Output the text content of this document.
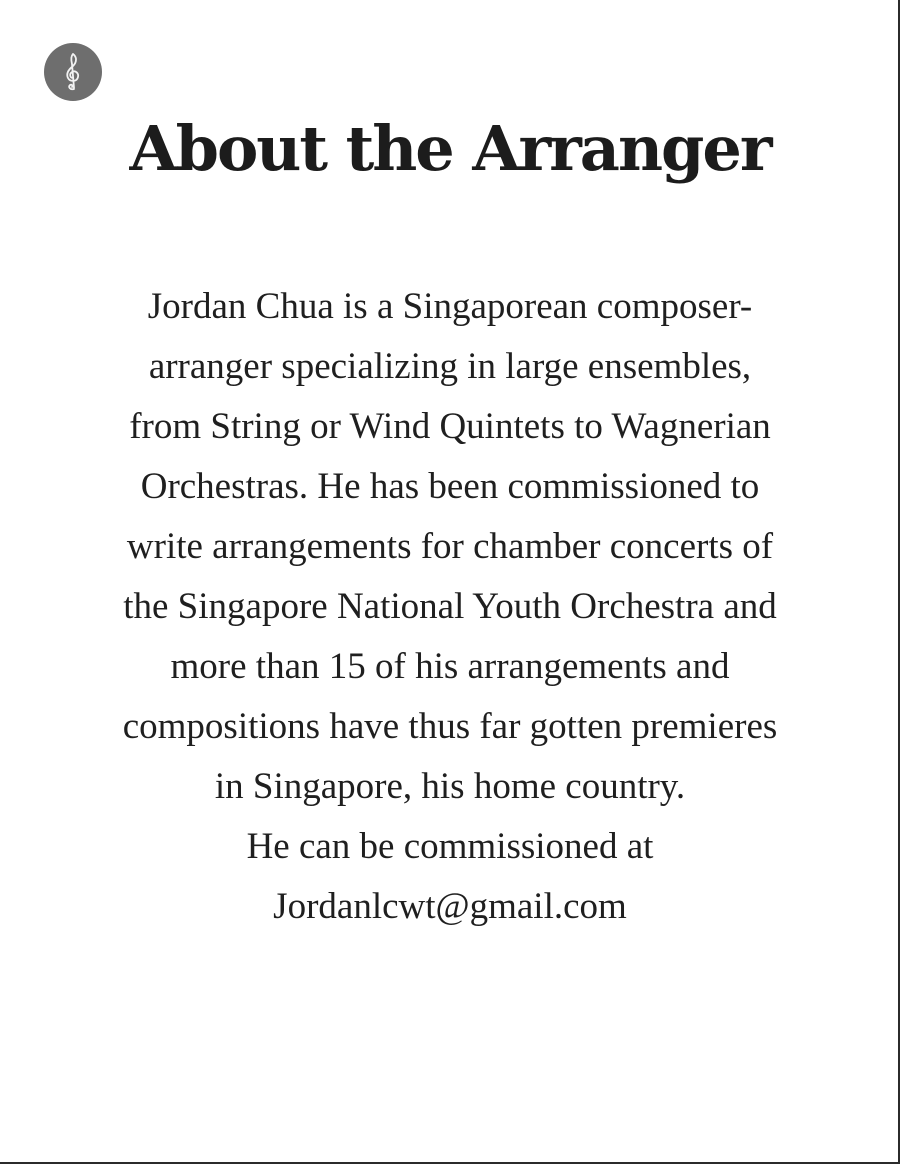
About the Arranger

Jordan Chua is a Singaporean composer-
arranger specializing in large ensembles,
from String or Wind Quintets to Wagnerian
Orchestras. He has been commissioned to
write arrangements for chamber concerts of
the Singapore National Youth Orchestra and
more than 15 of his arrangements and
compositions have thus far gotten premieres
in Singapore, his home country.
He can be commissioned at
Jordanlcwt@gmail.com
